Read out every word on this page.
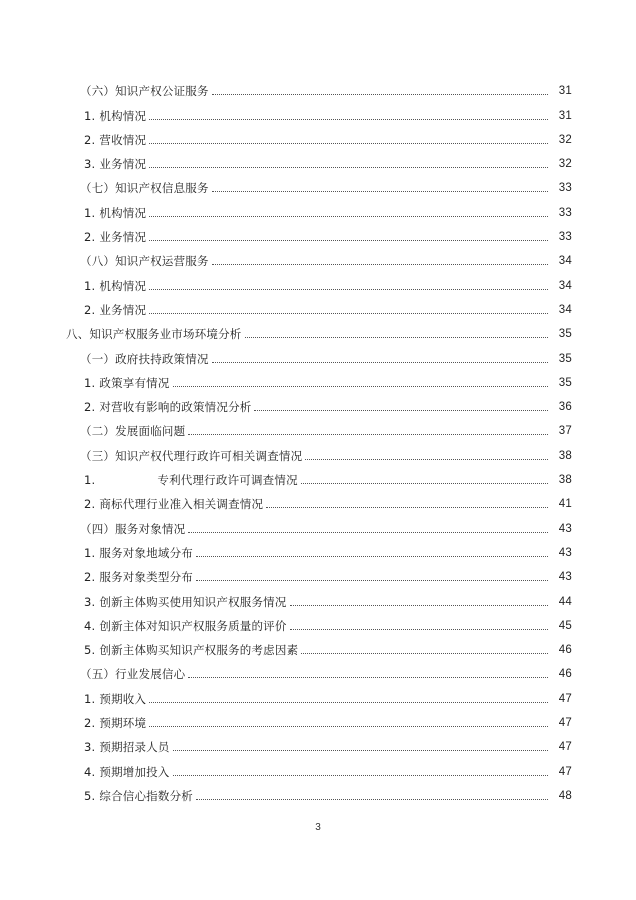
（六）知识产权公证服务	31
1. 机构情况	31
2. 营收情况	32
3. 业务情况	32
（七）知识产权信息服务	33
1. 机构情况	33
2. 业务情况	33
（八）知识产权运营服务	34
1. 机构情况	34
2. 业务情况	34
八、知识产权服务业市场环境分析	35
（一）政府扶持政策情况	35
1. 政策享有情况	35
2. 对营收有影响的政策情况分析	36
（二）发展面临问题	37
（三）知识产权代理行政许可相关调查情况	38
1.	专利代理行政许可调查情况	38
2. 商标代理行业准入相关调查情况	41
（四）服务对象情况	43
1. 服务对象地域分布	43
2. 服务对象类型分布	43
3. 创新主体购买使用知识产权服务情况	44
4. 创新主体对知识产权服务质量的评价	45
5. 创新主体购买知识产权服务的考虑因素	46
（五）行业发展信心	46
1. 预期收入	47
2. 预期环境	47
3. 预期招录人员	47
4. 预期增加投入	47
5. 综合信心指数分析	48
3
